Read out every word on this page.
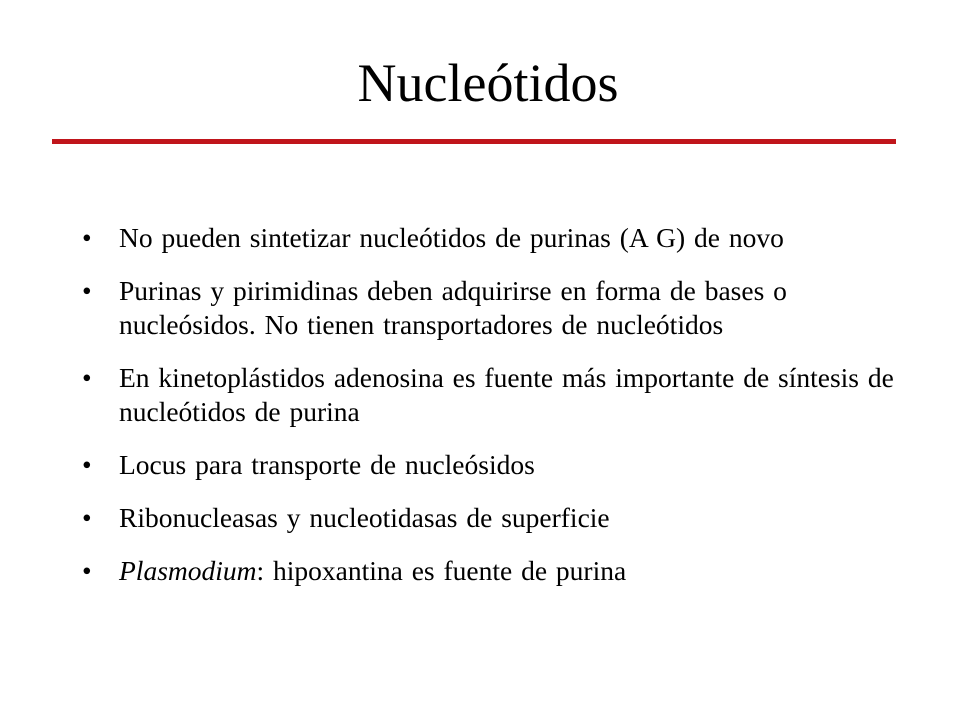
Nucleótidos
• No pueden sintetizar nucleótidos de purinas (A G) de novo
• Purinas y pirimidinas deben adquirirse en forma de bases o nucleósidos. No tienen transportadores de nucleótidos
• En kinetoplástidos adenosina es fuente más importante de síntesis de nucleótidos de purina
• Locus para transporte de nucleósidos
• Ribonucleasas y nucleotidasas de superficie
• Plasmodium: hipoxantina es fuente de purina
